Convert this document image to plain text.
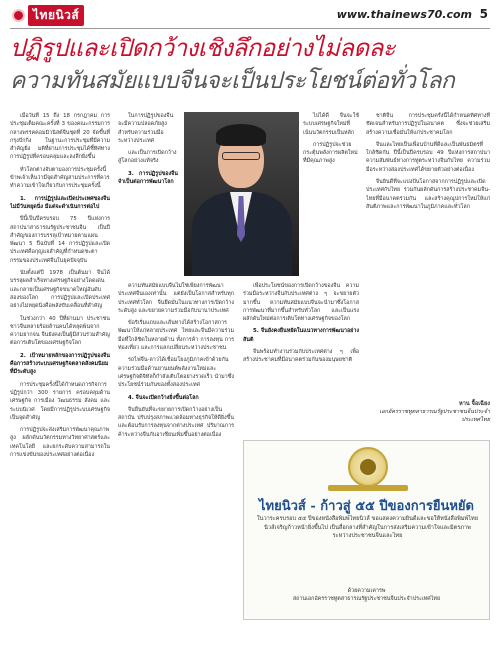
ไทยนิวส์	www.thainews70.com 5
ปฏิรูปและเปิดกว้างเชิงลึกอย่างไม่ลดละ
ความทันสมัยแบบจีนจะเป็นประโยชน์ต่อทั่วโลก

เมื่อวันที่ 15 ถึง 18 กรกฎาคม การประชุมเต็มคณะครั้งที่ 3 ของคณะกรรมการกลางพรรคคอมมิวนิสต์จีนชุดที่ 20 จัดขึ้นที่กรุงปักกิ่ง ในฐานะการประชุมที่มีความสำคัญยิ่ง มติที่ผ่านการประชุมได้ชี้ทิศทางการปฏิรูปที่ครอบคลุมและลงลึกยิ่งขึ้น

ทั่วโลกต่างจับตามองการประชุมครั้งนี้ ข้าพเจ้าเห็นว่ามีจุดสำคัญสามประการที่ควรทำความเข้าใจเกี่ยวกับการประชุมครั้งนี้

1. การปฏิรูปและเปิดประเทศของจีนไม่มีวันหยุดนิ่ง มีแต่จะดำเนินการต่อไป

ปีนี้เป็นปีครบรอบ 75 ปีแห่งการสถาปนาสาธารณรัฐประชาชนจีน เป็นปีสำคัญของการบรรลุเป้าหมายตามแผนพัฒนา 5 ปีฉบับที่ 14 การปฏิรูปและเปิดประเทศคือกุญแจสำคัญที่กำหนดชะตากรรมของประเทศจีนในยุคปัจจุบัน

นับตั้งแต่ปี 1978 เป็นต้นมา จีนได้บรรลุผลสำเร็จทางเศรษฐกิจอย่างโดดเด่น และกลายเป็นเศรษฐกิจขนาดใหญ่อันดับสองของโลก การปฏิรูปและเปิดประเทศอย่างไม่หยุดนิ่งคือพลังขับเคลื่อนที่สำคัญ

ในช่วงกว่า 40 ปีที่ผ่านมา ประชาชนชาวจีนหลายร้อยล้านคนได้หลุดพ้นจากความยากจน จีนยังคงเป็นผู้มีส่วนร่วมสำคัญต่อการเติบโตของเศรษฐกิจโลก

2. เป้าหมายหลักของการปฏิรูปของจีนคือการสร้างระบบเศรษฐกิจตลาดสังคมนิยมที่มีระดับสูง

การประชุมครั้งนี้ได้กำหนดภารกิจการปฏิรูปกว่า 300 รายการ ครอบคลุมด้านเศรษฐกิจ การเมือง วัฒนธรรม สังคม และระบบนิเวศ โดยมีการปฏิรูประบบเศรษฐกิจเป็นจุดสำคัญ

การปฏิรูปจะส่งเสริมการพัฒนาคุณภาพสูง ผลักดันนวัตกรรมทางวิทยาศาสตร์และเทคโนโลยี และยกระดับความสามารถในการแข่งขันของประเทศอย่างต่อเนื่อง

ในการปฏิรูปของจีนจะมีความปลอดภัยสูงสำหรับความร่วมมือระหว่างประเทศ

และเป็นการเปิดกว้างสู่โลกอย่างแท้จริง

3. การปฏิรูปของจีนจำเป็นต่อการพัฒนาโลก

ความทันสมัยแบบจีนไม่ใช่เพียงการพัฒนาประเทศจีนเองเท่านั้น แต่ยังเป็นโอกาสสำหรับทุกประเทศทั่วโลก จีนยึดมั่นในแนวทางการเปิดกว้างระดับสูง และขยายความร่วมมือกับนานาประเทศ

ข้อริเริ่มแถบและเส้นทางได้สร้างโอกาสการพัฒนาให้แก่หลายประเทศ ไทยและจีนมีความร่วมมือที่ใกล้ชิดในหลายด้าน ทั้งการค้า การลงทุน การท่องเที่ยว และการแลกเปลี่ยนระหว่างประชาชน

รถไฟจีน-ลาวได้เชื่อมโยงภูมิภาคเข้าด้วยกัน ความร่วมมือด้านยานยนต์พลังงานใหม่และเศรษฐกิจดิจิทัลก็กำลังเติบโตอย่างรวดเร็ว นำมาซึ่งประโยชน์ร่วมกันของทั้งสองประเทศ

4. จีนจะเปิดกว้างยิ่งขึ้นต่อโลก

จีนยืนยันที่จะขยายการเปิดกว้างอย่างเป็นสถาบัน ปรับปรุงสภาพแวดล้อมทางธุรกิจให้ดียิ่งขึ้น และต้อนรับการลงทุนจากต่างประเทศ ปริมาณการค้าระหว่างจีนกับอาเซียนเพิ่มขึ้นอย่างต่อเนื่อง

ไปได้ดี จีนจะใช้ระบบเศรษฐกิจใหม่ที่เน้นนวัตกรรมเป็นหลัก

การปฏิรูปจะช่วยกระตุ้นพลังการผลิตใหม่ที่มีคุณภาพสูง

เพื่อประโยชน์ของการเปิดกว้างของจีน ความร่วมมือระหว่างจีนกับประเทศต่าง ๆ จะขยายตัวมากขึ้น ความทันสมัยแบบจีนจะนำมาซึ่งโอกาสการพัฒนาที่มากขึ้นสำหรับทั่วโลก และเป็นแรงผลักดันใหม่ต่อการเติบโตทางเศรษฐกิจของโลก

5. จีนยังคงยืนหยัดในแนวทางการพัฒนาอย่างสันติ

จีนพร้อมทำงานร่วมกับประเทศต่าง ๆ เพื่อสร้างประชาคมที่มีอนาคตร่วมกันของมนุษยชาติ

ชาติจีน การประชุมครั้งนี้ได้กำหนดทิศทางที่ชัดเจนสำหรับการปฏิรูปในอนาคต ซึ่งจะช่วยเสริมสร้างความเชื่อมั่นให้แก่ประชาคมโลก

จีนและไทยเป็นเพื่อนบ้านที่ดีและเป็นพันธมิตรที่ใกล้ชิดกัน ปีนี้เป็นปีครบรอบ 49 ปีแห่งการสถาปนาความสัมพันธ์ทางการทูตระหว่างจีนกับไทย ความร่วมมือระหว่างสองประเทศได้ขยายตัวอย่างต่อเนื่อง

จีนยินดีที่จะแบ่งปันโอกาสจากการปฏิรูปและเปิดประเทศกับไทย ร่วมกันผลักดันการสร้างประชาคมจีน-ไทยที่มีอนาคตร่วมกัน และสร้างคุณูปการใหม่ให้แก่สันติภาพและการพัฒนาในภูมิภาคและทั่วโลก

หาน จื้อเฉียง
เอกอัครราชทูตสาธารณรัฐประชาชนจีนประจำประเทศไทย
ไทยนิวส์ - ก้าวสู่ ๕๕ ปีของการยืนหยัด
ในวาระครบรอบ ๕๕ ปีของหนังสือพิมพ์ไทยนิวส์ ขอแสดงความยินดีและขอให้หนังสือพิมพ์ไทยนิวส์เจริญก้าวหน้ายิ่งขึ้นไป เป็นสื่อกลางที่สำคัญในการส่งเสริมความเข้าใจและมิตรภาพระหว่างประชาชนจีนและไทย
ด้วยความเคารพ
สถานเอกอัครราชทูตสาธารณรัฐประชาชนจีนประจำประเทศไทย
